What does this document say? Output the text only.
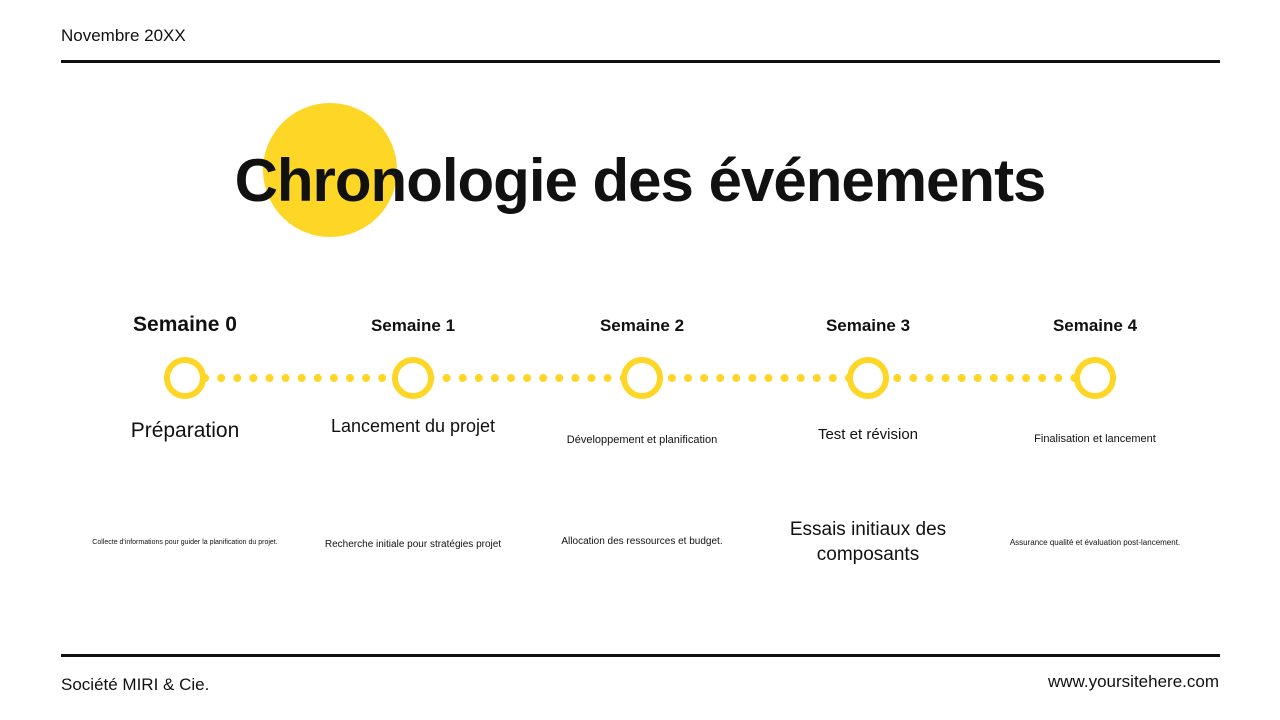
Novembre 20XX
Chronologie des événements
Semaine 0
Préparation
Collecte d'informations pour guider la planification du projet.
Semaine 1
Lancement du projet
Recherche initiale pour stratégies projet
Semaine 2
Développement et planification
Allocation des ressources et budget.
Semaine 3
Test et révision
Essais initiaux des composants
Semaine 4
Finalisation et lancement
Assurance qualité et évaluation post-lancement.
Société MIRI & Cie.	www.yoursitehere.com
